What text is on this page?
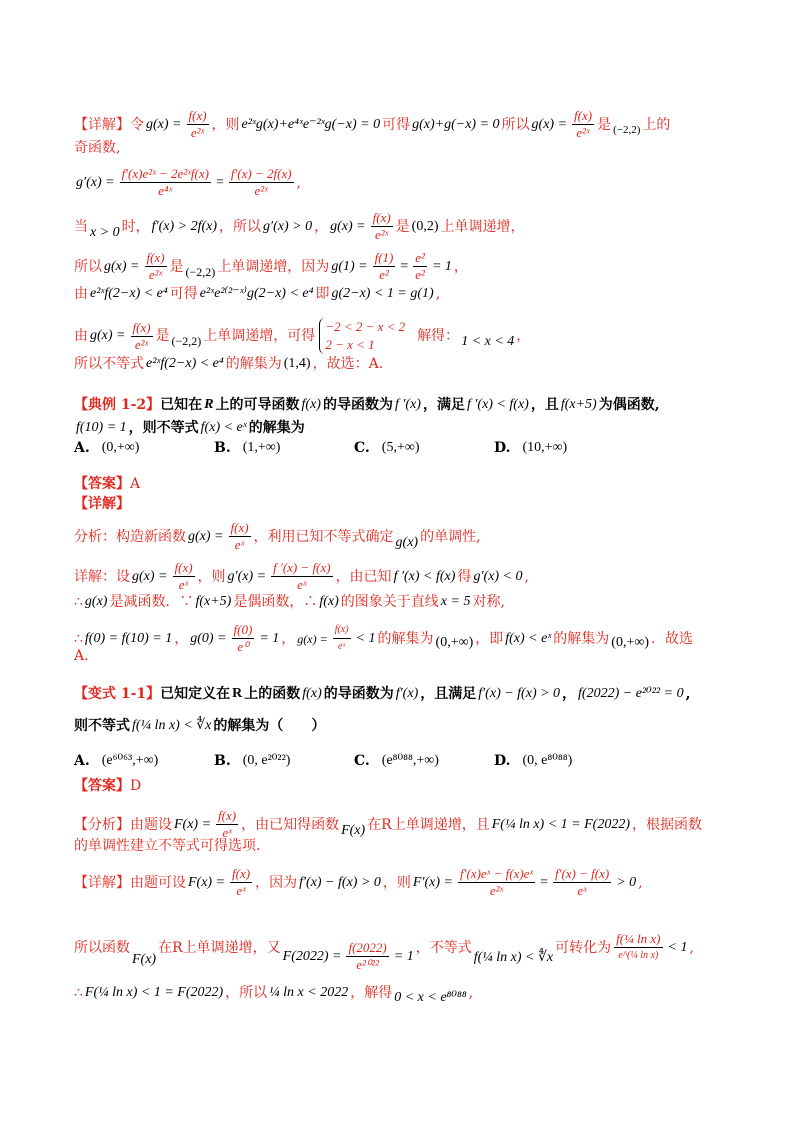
【详解】令 $g(x) = \frac{f(x)}{\text{e²ˣ}}$ ，则 e²ˣg(x)+e⁴ˣe⁻²ˣg(−x) = 0 可得 g(x)+g(−x) = 0 所以 $g(x) = \frac{f(x)}{\text{e²ˣ}}$ 是 (−2,2) 上的
奇函数,
$g'(x) = \frac{\text{f′(x)e²ˣ − 2e²ˣf(x)}}{\text{e⁴ˣ}} = \frac{f'(x) - 2f(x)}{\text{e²ˣ}}$ ,
当 x > 0 时， f′(x) > 2f(x) ，所以 g′(x) > 0 ， $g(x) = \frac{f(x)}{\text{e²ˣ}}$ 是 (0,2) 上单调递增，
所以 $g(x) = \frac{f(x)}{\text{e²ˣ}}$ 是 (−2,2) 上单调递增，因为 $g(1) = \frac{f(1)}{\text{e²}} = \frac{\text{e²}}{\text{e²}} = 1$ ，
由 e²ˣf(2−x) < e⁴ 可得 e²ˣe²⁽²⁻ˣ⁾g(2−x) < e⁴ 即 g(2−x) < 1 = g(1) ,
由 $g(x) = \frac{f(x)}{\text{e²ˣ}}$ 是 (−2,2) 上单调递增，可得
−2 < 2 − x < 2
2 − x < 1
解得： 1 < x < 4 ，
所以不等式 e²ˣf(2−x) < e⁴ 的解集为 (1,4) ，故选：A.
【典例 1-2】 已知在 R 上的可导函数 f(x) 的导函数为 f ′(x) ，满足 f ′(x) < f(x) ，且 f(x+5) 为偶函数,
f(10) = 1 ，则不等式 f(x) < eˣ 的解集为
A. (0,+∞)	B. (1,+∞)	C. (5,+∞)	D. (10,+∞)
【答案】 A
【详解】
分析：构造新函数 $g(x) = \frac{f(x)}{\text{eˣ}}$ ，利用已知不等式确定 g(x) 的单调性,
详解：设 $g(x) = \frac{f(x)}{\text{eˣ}}$ ，则 $g'(x) = \frac{f '(x) - f(x)}{\text{eˣ}}$ ，由已知 f ′(x) < f(x) 得 g′(x) < 0 ,
∴ g(x) 是减函数．∵ f(x+5) 是偶函数，∴ f(x) 的图象关于直线 x = 5 对称,
∴ f(0) = f(10) = 1 ， $g(0) = \frac{f(0)}{\text{e⁰}} = 1$ ， $g(x) = \frac{f(x)}{\text{eˣ}} < 1$ 的解集为 (0,+∞) ，即 f(x) < eˣ 的解集为 (0,+∞) ．故选
A.
【变式 1-1】 已知定义在 R 上的函数 f(x) 的导函数为 f′(x) ，且满足 f′(x) − f(x) > 0 ， f(2022) − e²⁰²² = 0 ,
则不等式 f(¼ ln x) < ∜x 的解集为（　　）
A. (e⁶⁰⁶³,+∞)	B. (0, e²⁰²²)	C. (e⁸⁰⁸⁸,+∞)	D. (0, e⁸⁰⁸⁸)
【答案】 D
【分析】由题设 $F(x) = \frac{f(x)}{\text{eˣ}}$ ，由已知得函数 F(x) 在R上单调递增，且 F(¼ ln x) < 1 = F(2022) ，根据函数
的单调性建立不等式可得选项.
【详解】由题可设 $F(x) = \frac{f(x)}{\text{eˣ}}$ ，因为 f′(x) − f(x) > 0 ，则 $F'(x) = \frac{\text{f′(x)eˣ − f(x)eˣ}}{\text{e²ˣ}} = \frac{f'(x) - f(x)}{\text{eˣ}} > 0$ ,
所以函数
F(x)
在R上单调递增，又
$F(2022) = \frac{f(2022)}{\text{e²⁰²²}} = 1$
，不等式
f(¼ ln x) < ∜x
可转化为 $\frac{\text{f(¼ ln x)}}{\text{e\textasciicircum{}(¼ ln x)}} < 1$ ,
∴ F(¼ ln x) < 1 = F(2022) ，所以 ¼ ln x < 2022 ，解得 0 < x < e⁸⁰⁸⁸ ,
